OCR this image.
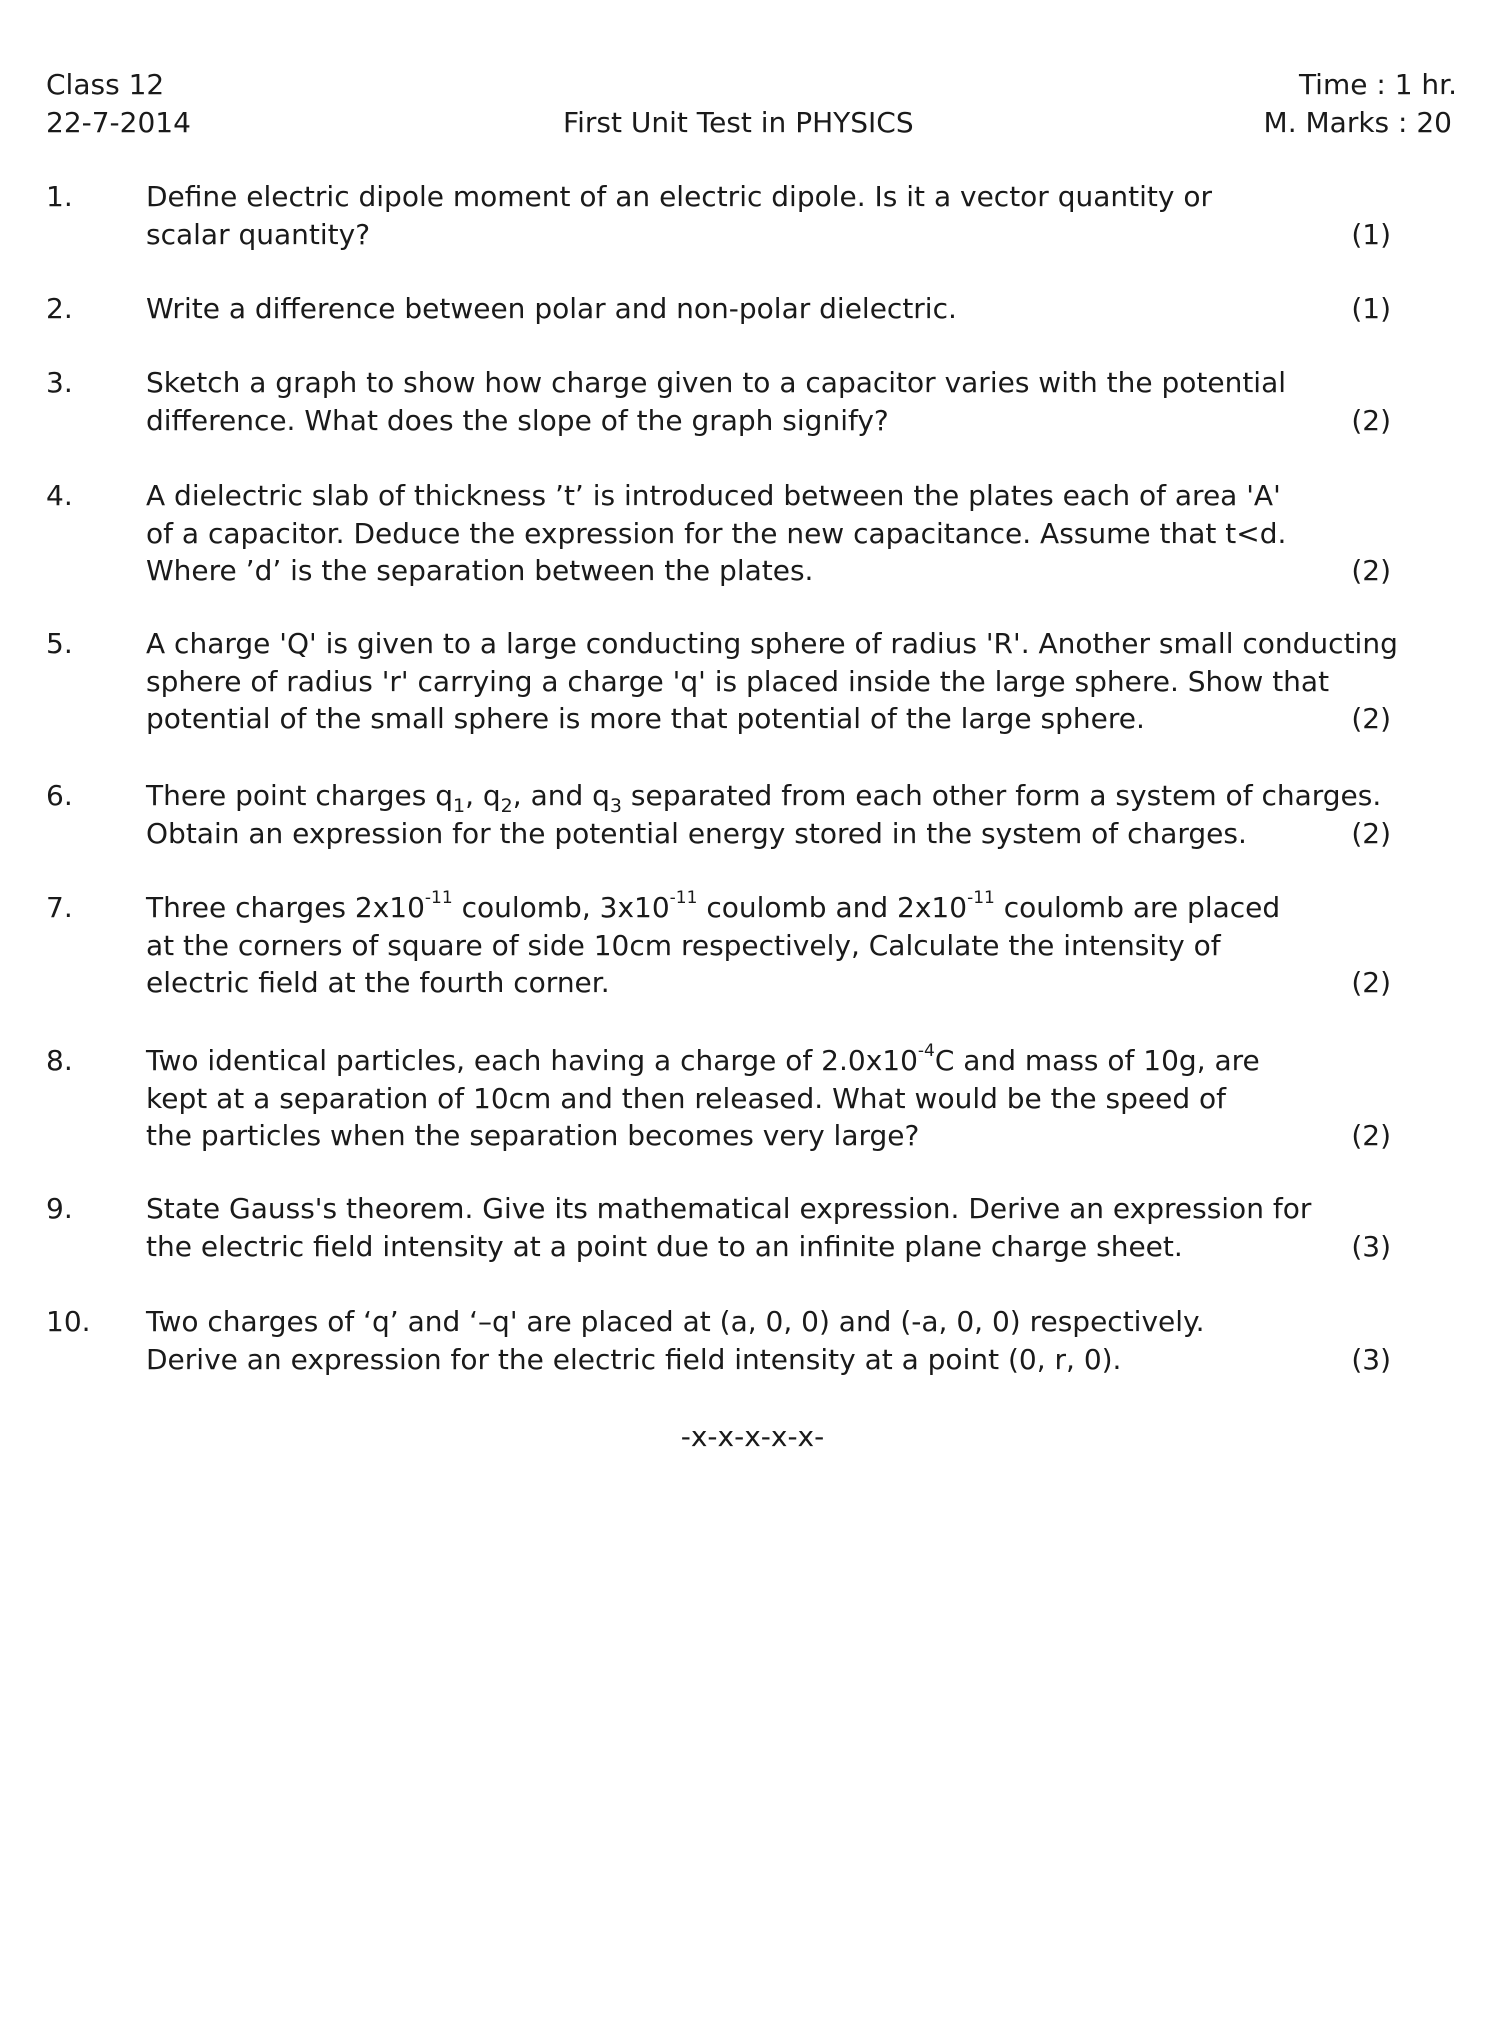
Class 12
22-7-2014	First Unit Test in PHYSICS
Time : 1 hr.
M. Marks : 20
1.	Define electric dipole moment of an electric dipole. Is it a vector quantity or
scalar quantity?	(1)
2.	Write a difference between polar and non-polar dielectric.	(1)
3.	Sketch a graph to show how charge given to a capacitor varies with the potential
difference. What does the slope of the graph signify?	(2)
4.	A dielectric slab of thickness ’t’ is introduced between the plates each of area 'A'
of a capacitor. Deduce the expression for the new capacitance. Assume that t<d.
Where ’d’ is the separation between the plates.	(2)
5.	A charge 'Q' is given to a large conducting sphere of radius 'R'. Another small conducting
sphere of radius 'r' carrying a charge 'q' is placed inside the large sphere. Show that
potential of the small sphere is more that potential of the large sphere.	(2)
6.	There point charges $q_1$, $q_2$, and $q_3$ separated from each other form a system of charges.
Obtain an expression for the potential energy stored in the system of charges.	(2)
7.	Three charges $2x10^{-11}$ coulomb, $3x10^{-11}$ coulomb and $2x10^{-11}$ coulomb are placed
at the corners of square of side 10cm respectively, Calculate the intensity of
electric field at the fourth corner.	(2)
8.	Two identical particles, each having a charge of $2.0x10^{-4}C$ and mass of 10g, are
kept at a separation of 10cm and then released. What would be the speed of
the particles when the separation becomes very large?	(2)
9.	State Gauss's theorem. Give its mathematical expression. Derive an expression for
the electric field intensity at a point due to an infinite plane charge sheet.	(3)
10. Two charges of ‘q’ and ‘–q' are placed at (a, 0, 0) and (-a, 0, 0) respectively.
Derive an expression for the electric field intensity at a point (0, r, 0).	(3)
-x-x-x-x-x-
